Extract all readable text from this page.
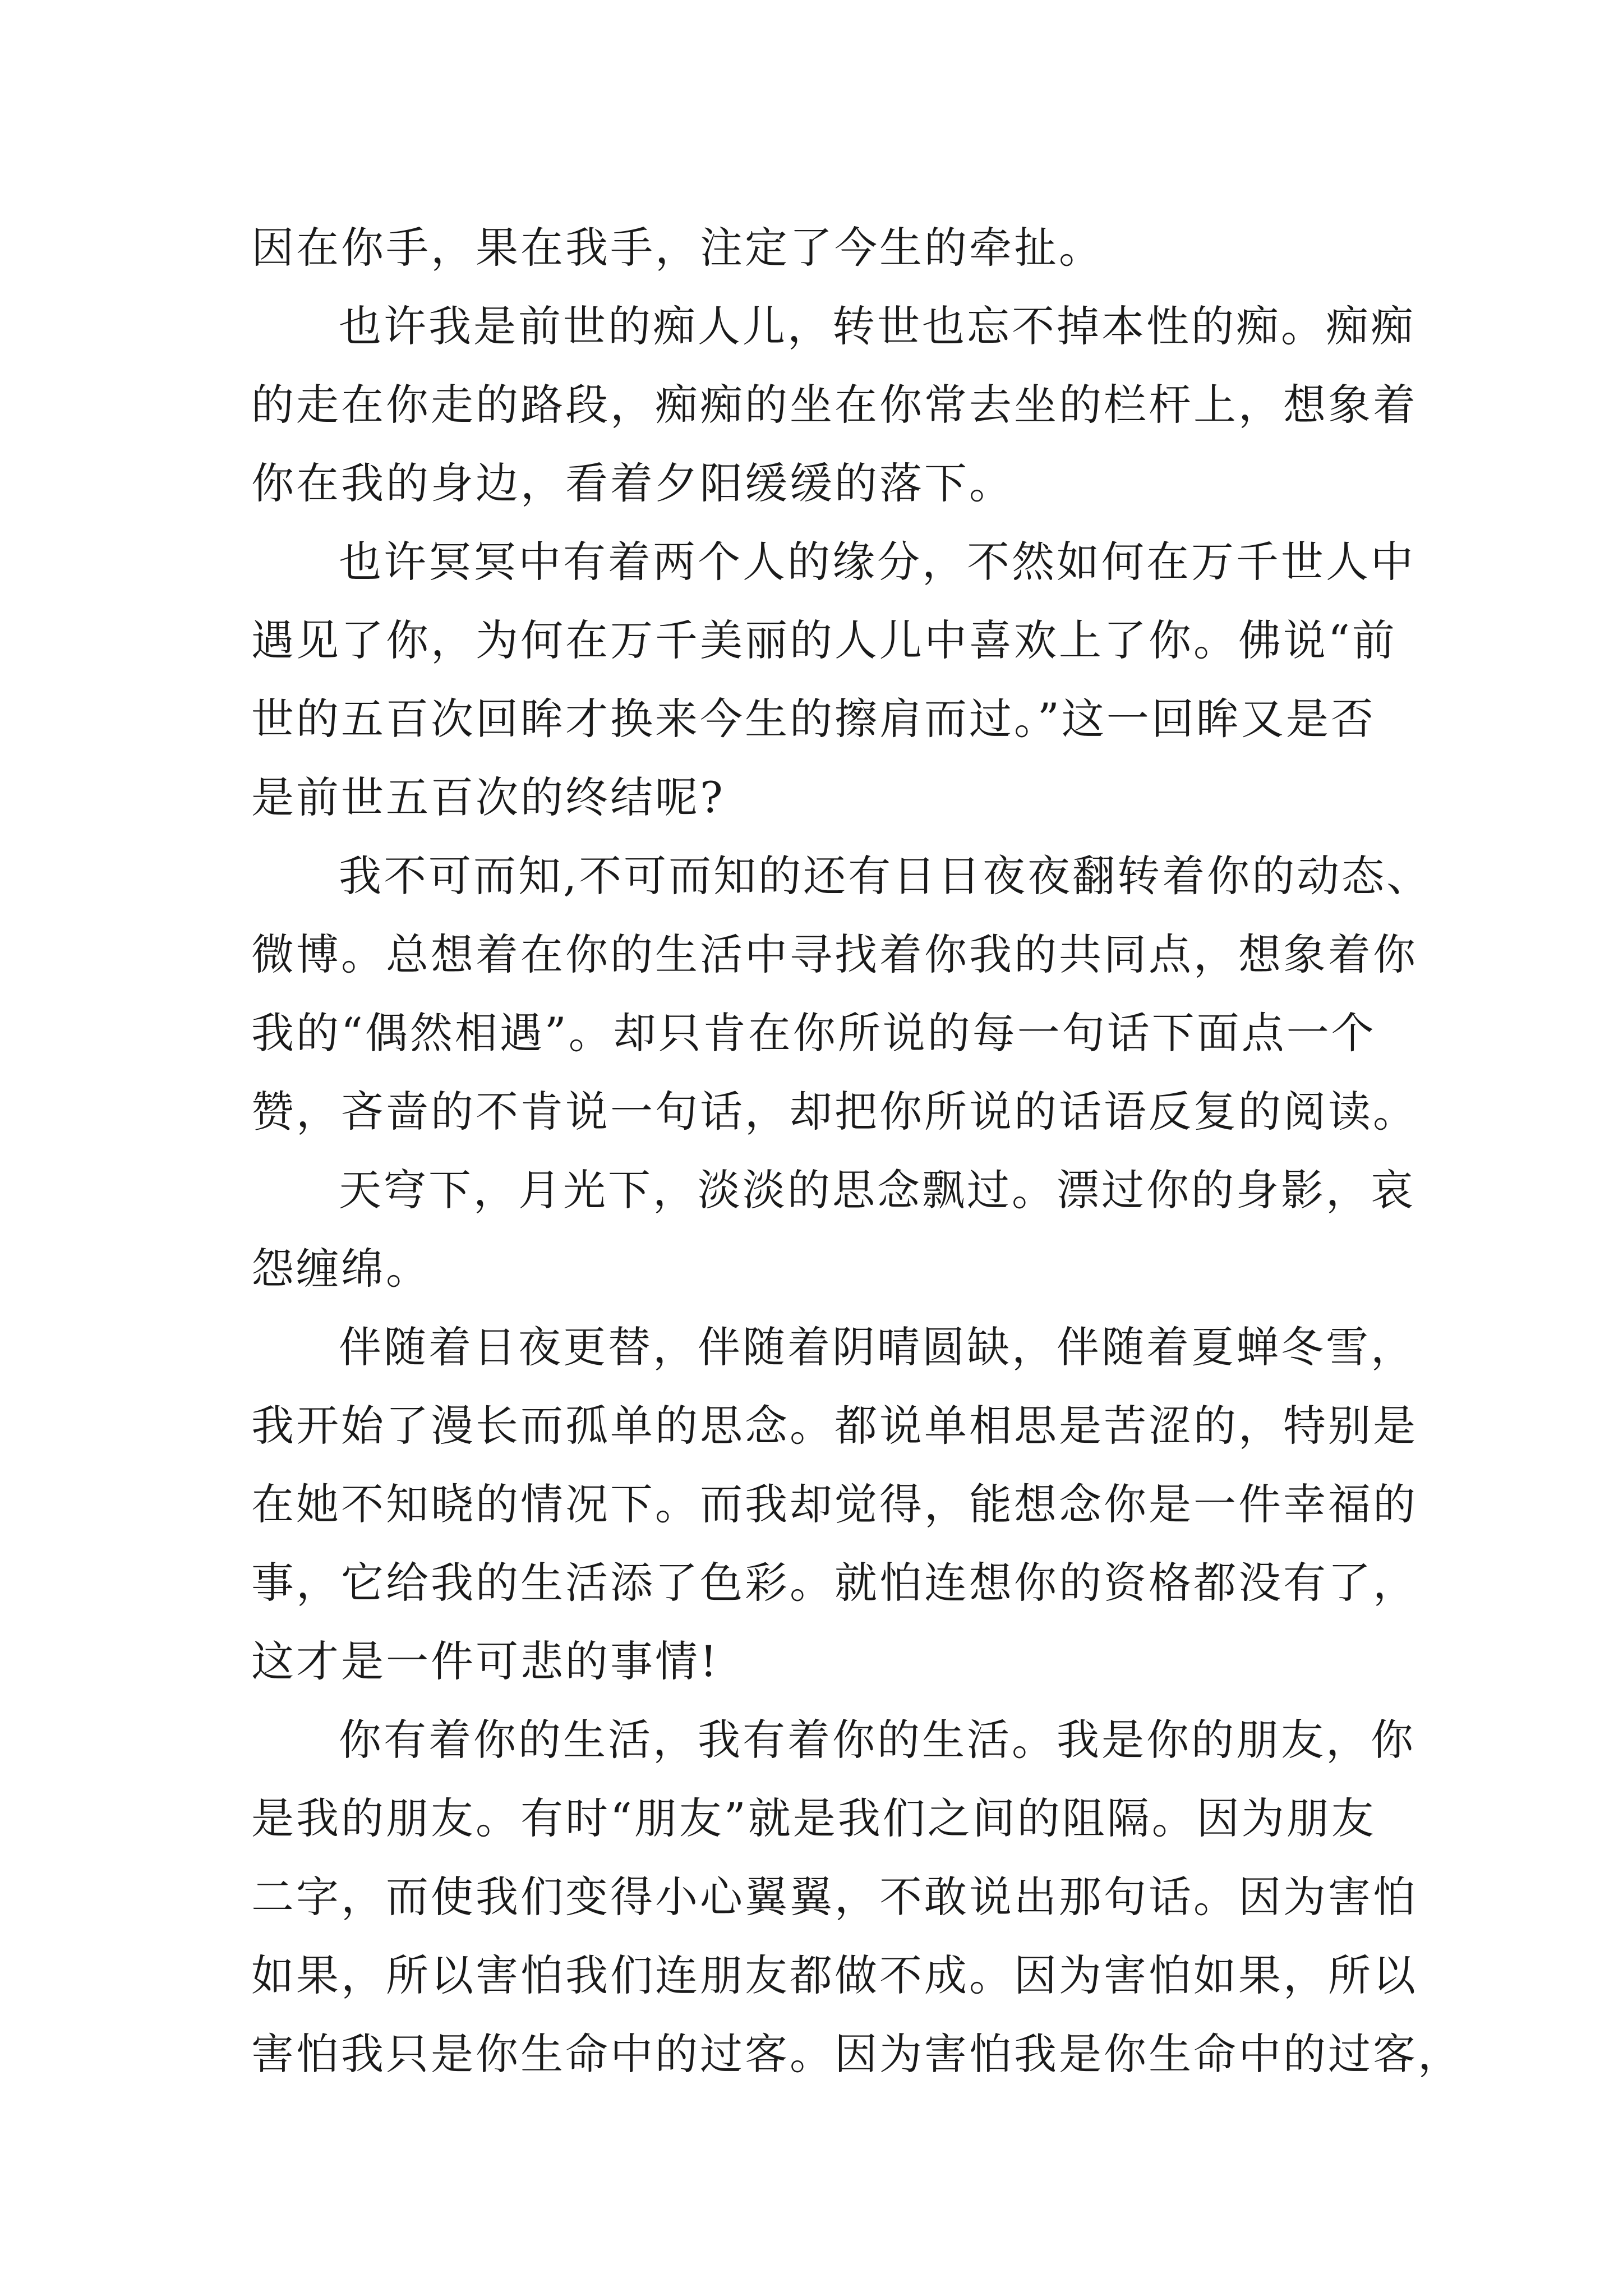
因在你手，果在我手，注定了今生的牵扯。
也许我是前世的痴人儿，转世也忘不掉本性的痴。痴痴
的走在你走的路段，痴痴的坐在你常去坐的栏杆上，想象着
你在我的身边，看着夕阳缓缓的落下。
也许冥冥中有着两个人的缘分，不然如何在万千世人中
遇见了你，为何在万千美丽的人儿中喜欢上了你。佛说“前
世的五百次回眸才换来今生的擦肩而过。”这一回眸又是否
是前世五百次的终结呢?
我不可而知,不可而知的还有日日夜夜翻转着你的动态、
微博。总想着在你的生活中寻找着你我的共同点，想象着你
我的“偶然相遇”。却只肯在你所说的每一句话下面点一个
赞，吝啬的不肯说一句话，却把你所说的话语反复的阅读。
天穹下，月光下，淡淡的思念飘过。漂过你的身影，哀
怨缠绵。
伴随着日夜更替，伴随着阴晴圆缺，伴随着夏蝉冬雪，
我开始了漫长而孤单的思念。都说单相思是苦涩的，特别是
在她不知晓的情况下。而我却觉得，能想念你是一件幸福的
事，它给我的生活添了色彩。就怕连想你的资格都没有了，
这才是一件可悲的事情!
你有着你的生活，我有着你的生活。我是你的朋友，你
是我的朋友。有时“朋友”就是我们之间的阻隔。因为朋友
二字，而使我们变得小心翼翼，不敢说出那句话。因为害怕
如果，所以害怕我们连朋友都做不成。因为害怕如果，所以
害怕我只是你生命中的过客。因为害怕我是你生命中的过客，
